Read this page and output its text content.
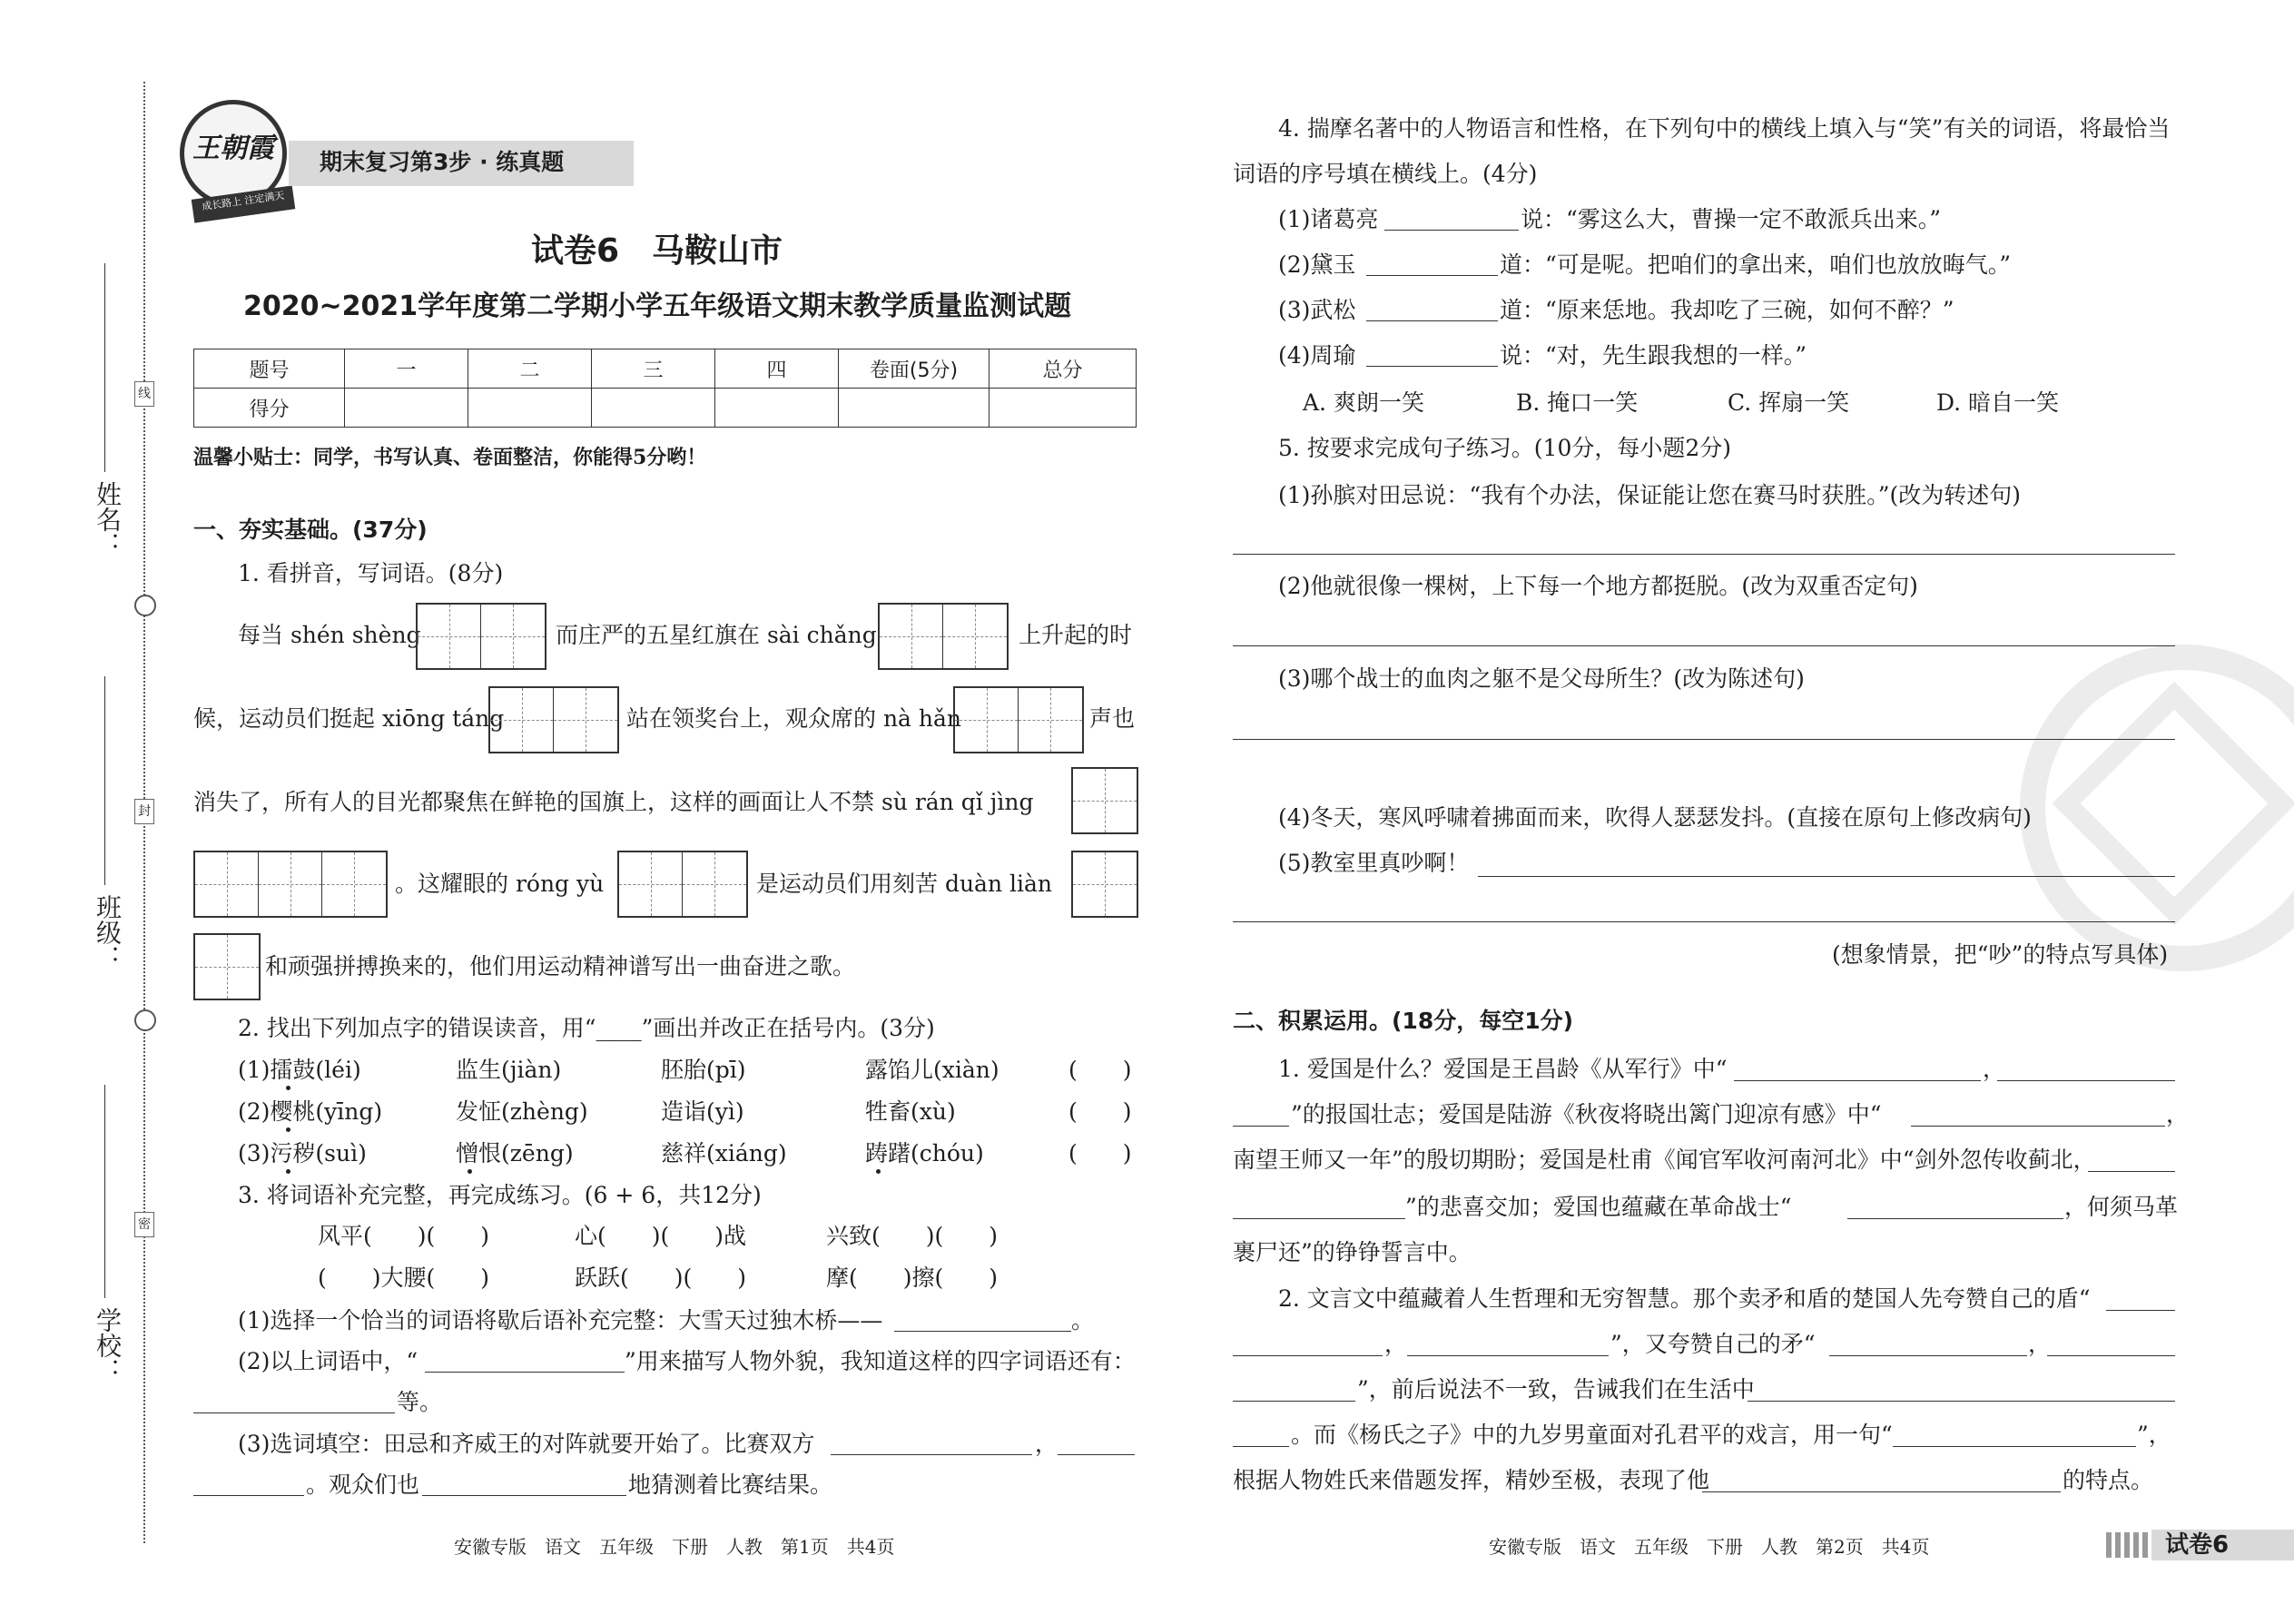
线
封
密
姓名：
班级：
学校：
王朝霞
成长路上 注定满天
期末复习第3步 · 练真题
试卷6　马鞍山市
2020~2021学年度第二学期小学五年级语文期末教学质量监测试题
题号	一	二	三	四	卷面(5分)	总分
得分						
温馨小贴士：同学，书写认真、卷面整洁，你能得5分哟！
一、夯实基础。(37分)
1. 看拼音，写词语。(8分)
每当 shén shèng	而庄严的五星红旗在 sài chǎng	上升起的时
候，运动员们挺起 xiōng táng	站在领奖台上，观众席的 nà hǎn	声也
消失了，所有人的目光都聚焦在鲜艳的国旗上，这样的画面让人不禁 sù rán qǐ jìng
。这耀眼的 róng yù	是运动员们用刻苦 duàn liàn
和顽强拼搏换来的，他们用运动精神谱写出一曲奋进之歌。
2. 找出下列加点字的错误读音，用“____”画出并改正在括号内。(3分)
(1)擂鼓(léi)	监生(jiàn)	胚胎(pī)	露馅儿(xiàn)	(　　)
(2)樱桃(yīng)	发怔(zhèng)	造诣(yì)	牲畜(xù)	(　　)
(3)污秽(suì)	憎恨(zēng)	慈祥(xiáng)	踌躇(chóu)	(　　)
3. 将词语补充完整，再完成练习。(6 + 6，共12分)
风平(　　)(　　)	心(　　)(　　)战	兴致(　　)(　　)
(　　)大腰(　　)	跃跃(　　)(　　)	摩(　　)擦(　　)
(1)选择一个恰当的词语将歇后语补充完整：大雪天过独木桥——	。
(2)以上词语中，“	”用来描写人物外貌，我知道这样的四字词语还有：
等。
(3)选词填空：田忌和齐威王的对阵就要开始了。比赛双方	，
。观众们也	地猜测着比赛结果。
安徽专版　语文　五年级　下册　人教　第1页　共4页
4. 揣摩名著中的人物语言和性格，在下列句中的横线上填入与“笑”有关的词语，将最恰当
词语的序号填在横线上。(4分)
(1)诸葛亮	说：“雾这么大，曹操一定不敢派兵出来。”
(2)黛玉	道：“可是呢。把咱们的拿出来，咱们也放放晦气。”
(3)武松	道：“原来恁地。我却吃了三碗，如何不醉？”
(4)周瑜	说：“对，先生跟我想的一样。”
A. 爽朗一笑	B. 掩口一笑	C. 挥扇一笑	D. 暗自一笑
5. 按要求完成句子练习。(10分，每小题2分)
(1)孙膑对田忌说：“我有个办法，保证能让您在赛马时获胜。”(改为转述句)
(2)他就很像一棵树，上下每一个地方都挺脱。(改为双重否定句)
(3)哪个战士的血肉之躯不是父母所生？(改为陈述句)
(4)冬天，寒风呼啸着拂面而来，吹得人瑟瑟发抖。(直接在原句上修改病句)
(5)教室里真吵啊！
(想象情景，把“吵”的特点写具体)
二、积累运用。(18分，每空1分)
1. 爱国是什么？爱国是王昌龄《从军行》中“	，
”的报国壮志；爱国是陆游《秋夜将晓出篱门迎凉有感》中“	，
南望王师又一年”的殷切期盼；爱国是杜甫《闻官军收河南河北》中“剑外忽传收蓟北，
”的悲喜交加；爱国也蕴藏在革命战士“	，何须马革
裹尸还”的铮铮誓言中。
2. 文言文中蕴藏着人生哲理和无穷智慧。那个卖矛和盾的楚国人先夸赞自己的盾“
，	”，又夸赞自己的矛“	，
”，前后说法不一致，告诫我们在生活中
。而《杨氏之子》中的九岁男童面对孔君平的戏言，用一句“	”，
根据人物姓氏来借题发挥，精妙至极，表现了他	的特点。
安徽专版　语文　五年级　下册　人教　第2页　共4页	试卷6
